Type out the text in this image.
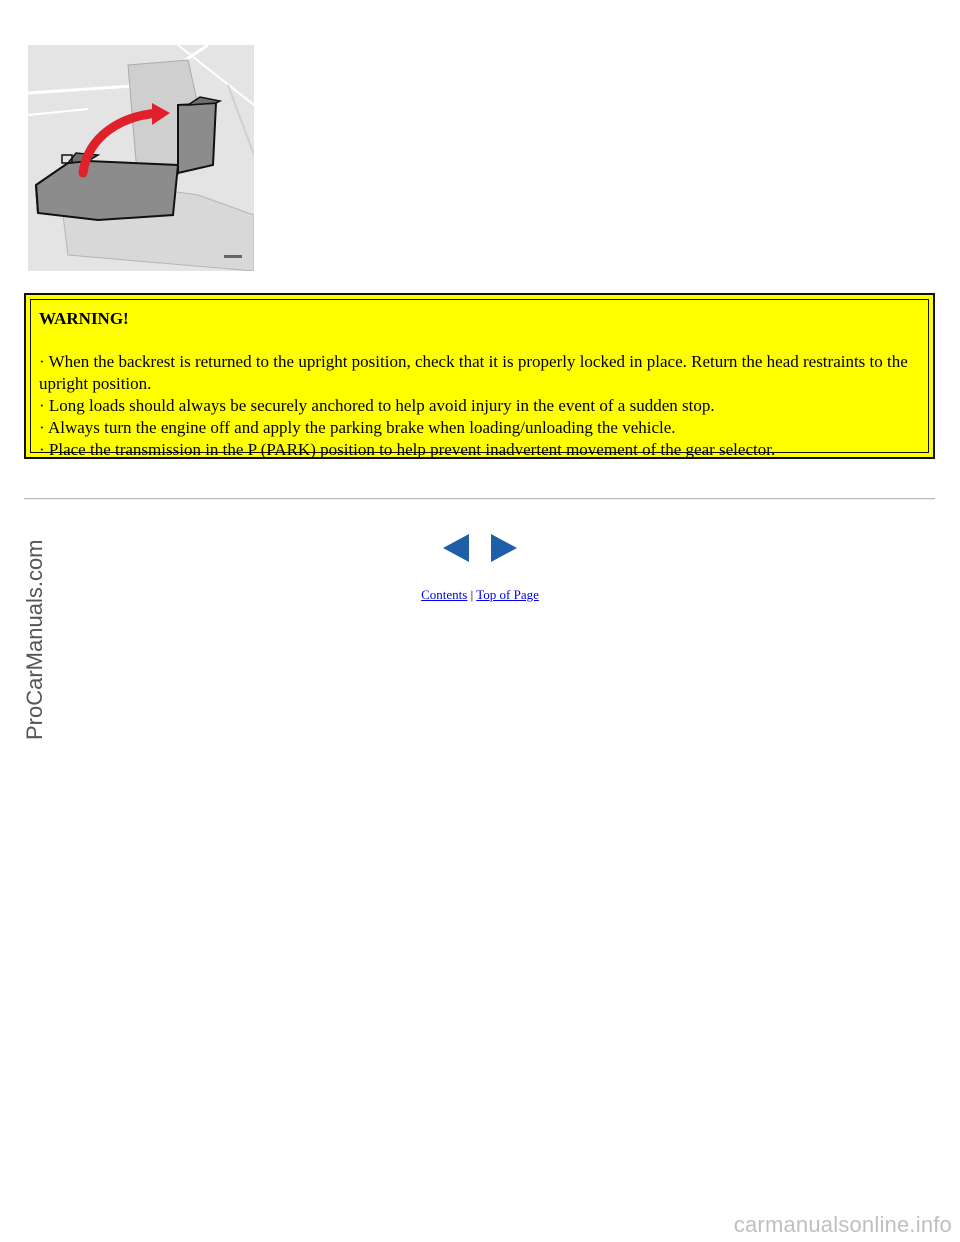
WARNING!

· When the backrest is returned to the upright position, check that it is properly locked in place. Return the head restraints to the upright position.

· Long loads should always be securely anchored to help avoid injury in the event of a sudden stop.

· Always turn the engine off and apply the parking brake when loading/unloading the vehicle.

· Place the transmission in the P (PARK) position to help prevent inadvertent movement of the gear selector.

Contents | Top of Page
ProCarManuals.com
carmanualsonline.info
